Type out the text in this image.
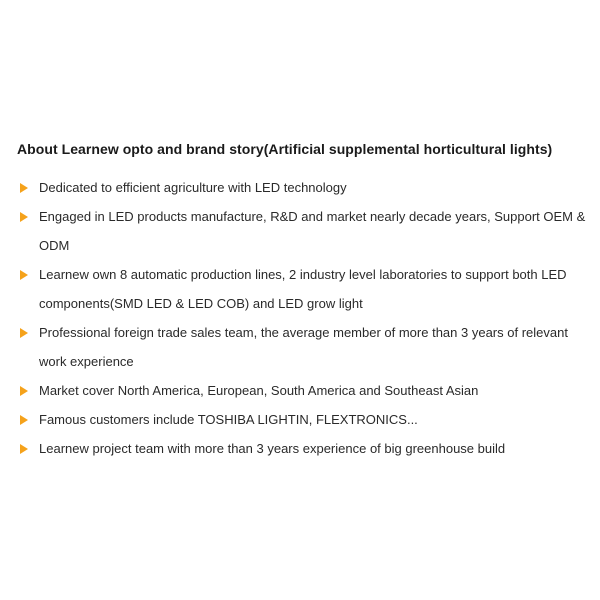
About Learnew opto and brand story(Artificial supplemental horticultural lights)
Dedicated to efficient agriculture with LED technology
Engaged in LED products manufacture, R&D and market nearly decade years, Support OEM & ODM
Learnew own 8 automatic production lines, 2 industry level laboratories to support both LED components(SMD LED & LED COB) and LED grow light
Professional foreign trade sales team, the average member of more than 3 years of relevant work experience
Market cover North America, European, South America and Southeast Asian
Famous customers include TOSHIBA LIGHTIN, FLEXTRONICS...
Learnew project team with more than 3 years experience of big greenhouse build
